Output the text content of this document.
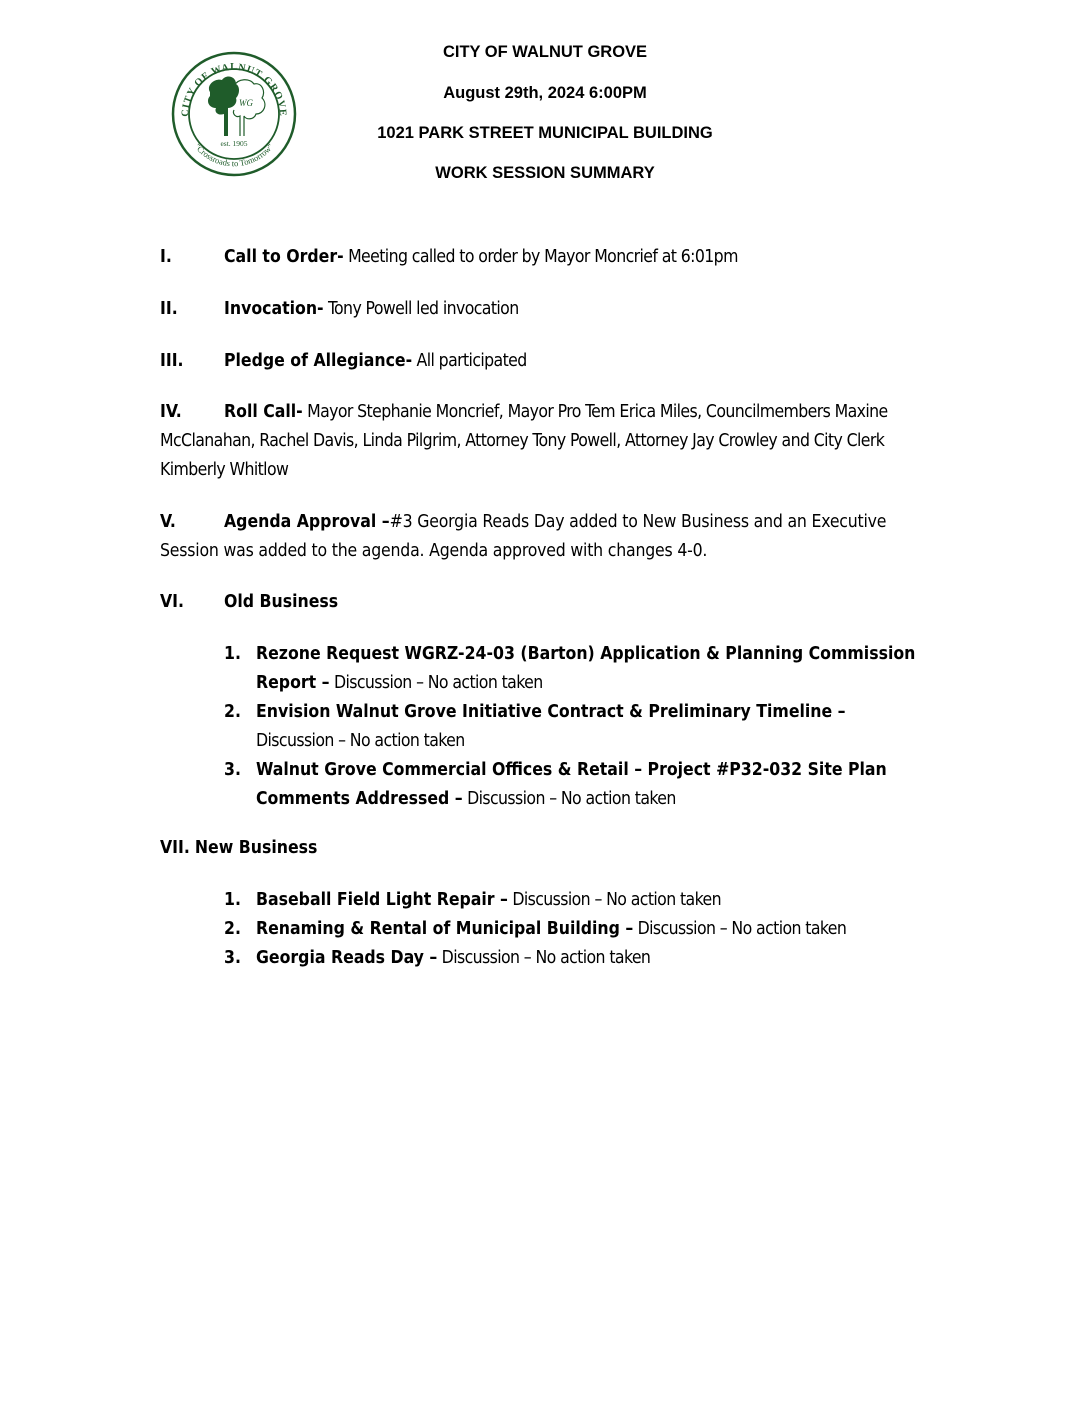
CITY OF WALNUT GROVE
"Crossroads to Tomorrow"
WG
est. 1905
CITY OF WALNUT GROVE
August 29th, 2024 6:00PM
1021 PARK STREET MUNICIPAL BUILDING
WORK SESSION SUMMARY
I.	Call to Order- Meeting called to order by Mayor Moncrief at 6:01pm
II.	Invocation- Tony Powell led invocation
III. Pledge of Allegiance- All participated
IV. Roll Call- Mayor Stephanie Moncrief, Mayor Pro Tem Erica Miles, Councilmembers Maxine McClanahan, Rachel Davis, Linda Pilgrim, Attorney Tony Powell, Attorney Jay Crowley and City Clerk Kimberly Whitlow
V.	Agenda Approval –#3 Georgia Reads Day added to New Business and an Executive Session was added to the agenda. Agenda approved with changes 4-0.
VI. Old Business
1. Rezone Request WGRZ-24-03 (Barton) Application & Planning Commission Report – Discussion – No action taken
2. Envision Walnut Grove Initiative Contract & Preliminary Timeline – Discussion – No action taken
3. Walnut Grove Commercial Offices & Retail – Project #P32-032 Site Plan Comments Addressed – Discussion – No action taken
VII. New Business
1. Baseball Field Light Repair – Discussion – No action taken
2. Renaming & Rental of Municipal Building – Discussion – No action taken
3. Georgia Reads Day – Discussion – No action taken
